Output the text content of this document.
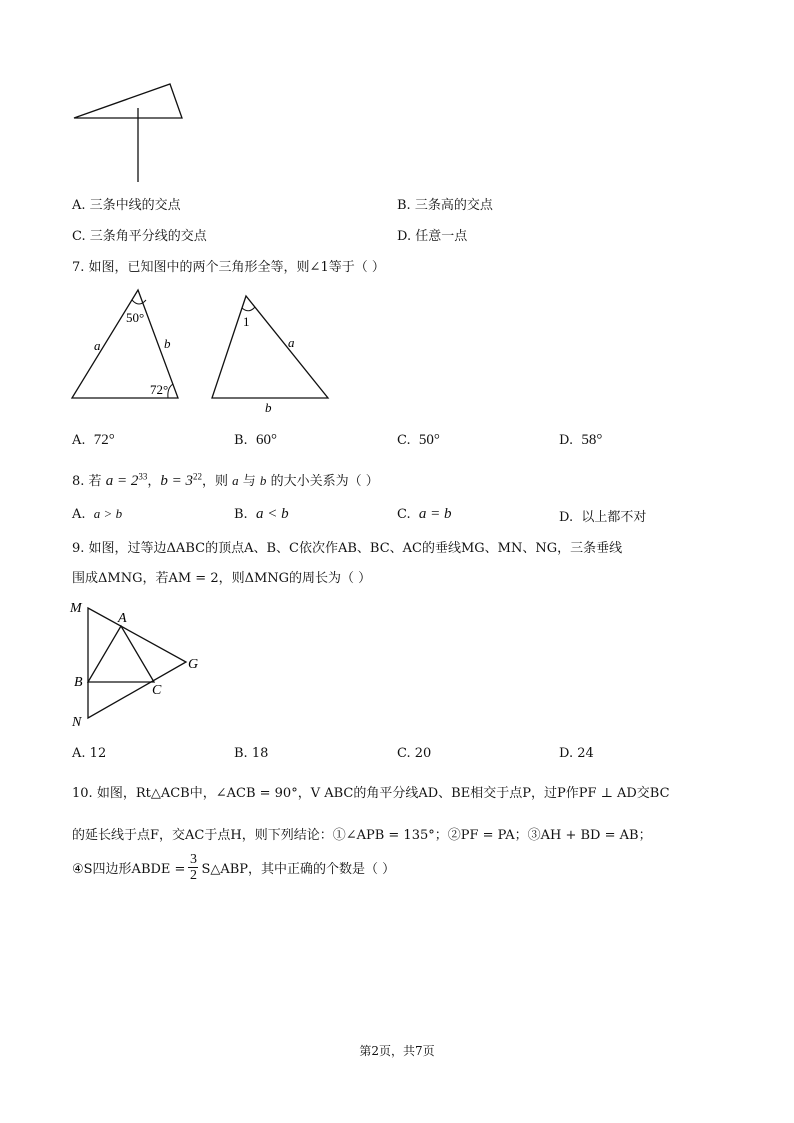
A. 三条中线的交点	B. 三条高的交点
C. 三条角平分线的交点	D. 任意一点
7. 如图，已知图中的两个三角形全等，则∠1等于（ ）
50°
72°
a	b
1
a
b
A. 72°	B. 60°	C. 50°	D. 58°
8. 若 $a = 2^{33}$，$b = 3^{22}$，则 a 与 b 的大小关系为（ ）
A. a > b	B. a < b	C. a = b	D. 以上都不对
9. 如图，过等边ΔABC的顶点A、B、C依次作AB、BC、AC的垂线MG、MN、NG，三条垂线
围成ΔMNG，若AM = 2，则ΔMNG的周长为（ ）
M
A
G
B
C
N
A. 12	B. 18	C. 20	D. 24
10. 如图，Rt△ACB中，∠ACB = 90°，V ABC的角平分线AD、BE相交于点P，过P作PF ⊥ AD交BC
的延长线于点F，交AC于点H，则下列结论：①∠APB = 135°；②PF = PA；③AH + BD = AB；
④S四边形ABDE =
3
2 S△ABP，其中正确的个数是（ ）
第2页，共7页
